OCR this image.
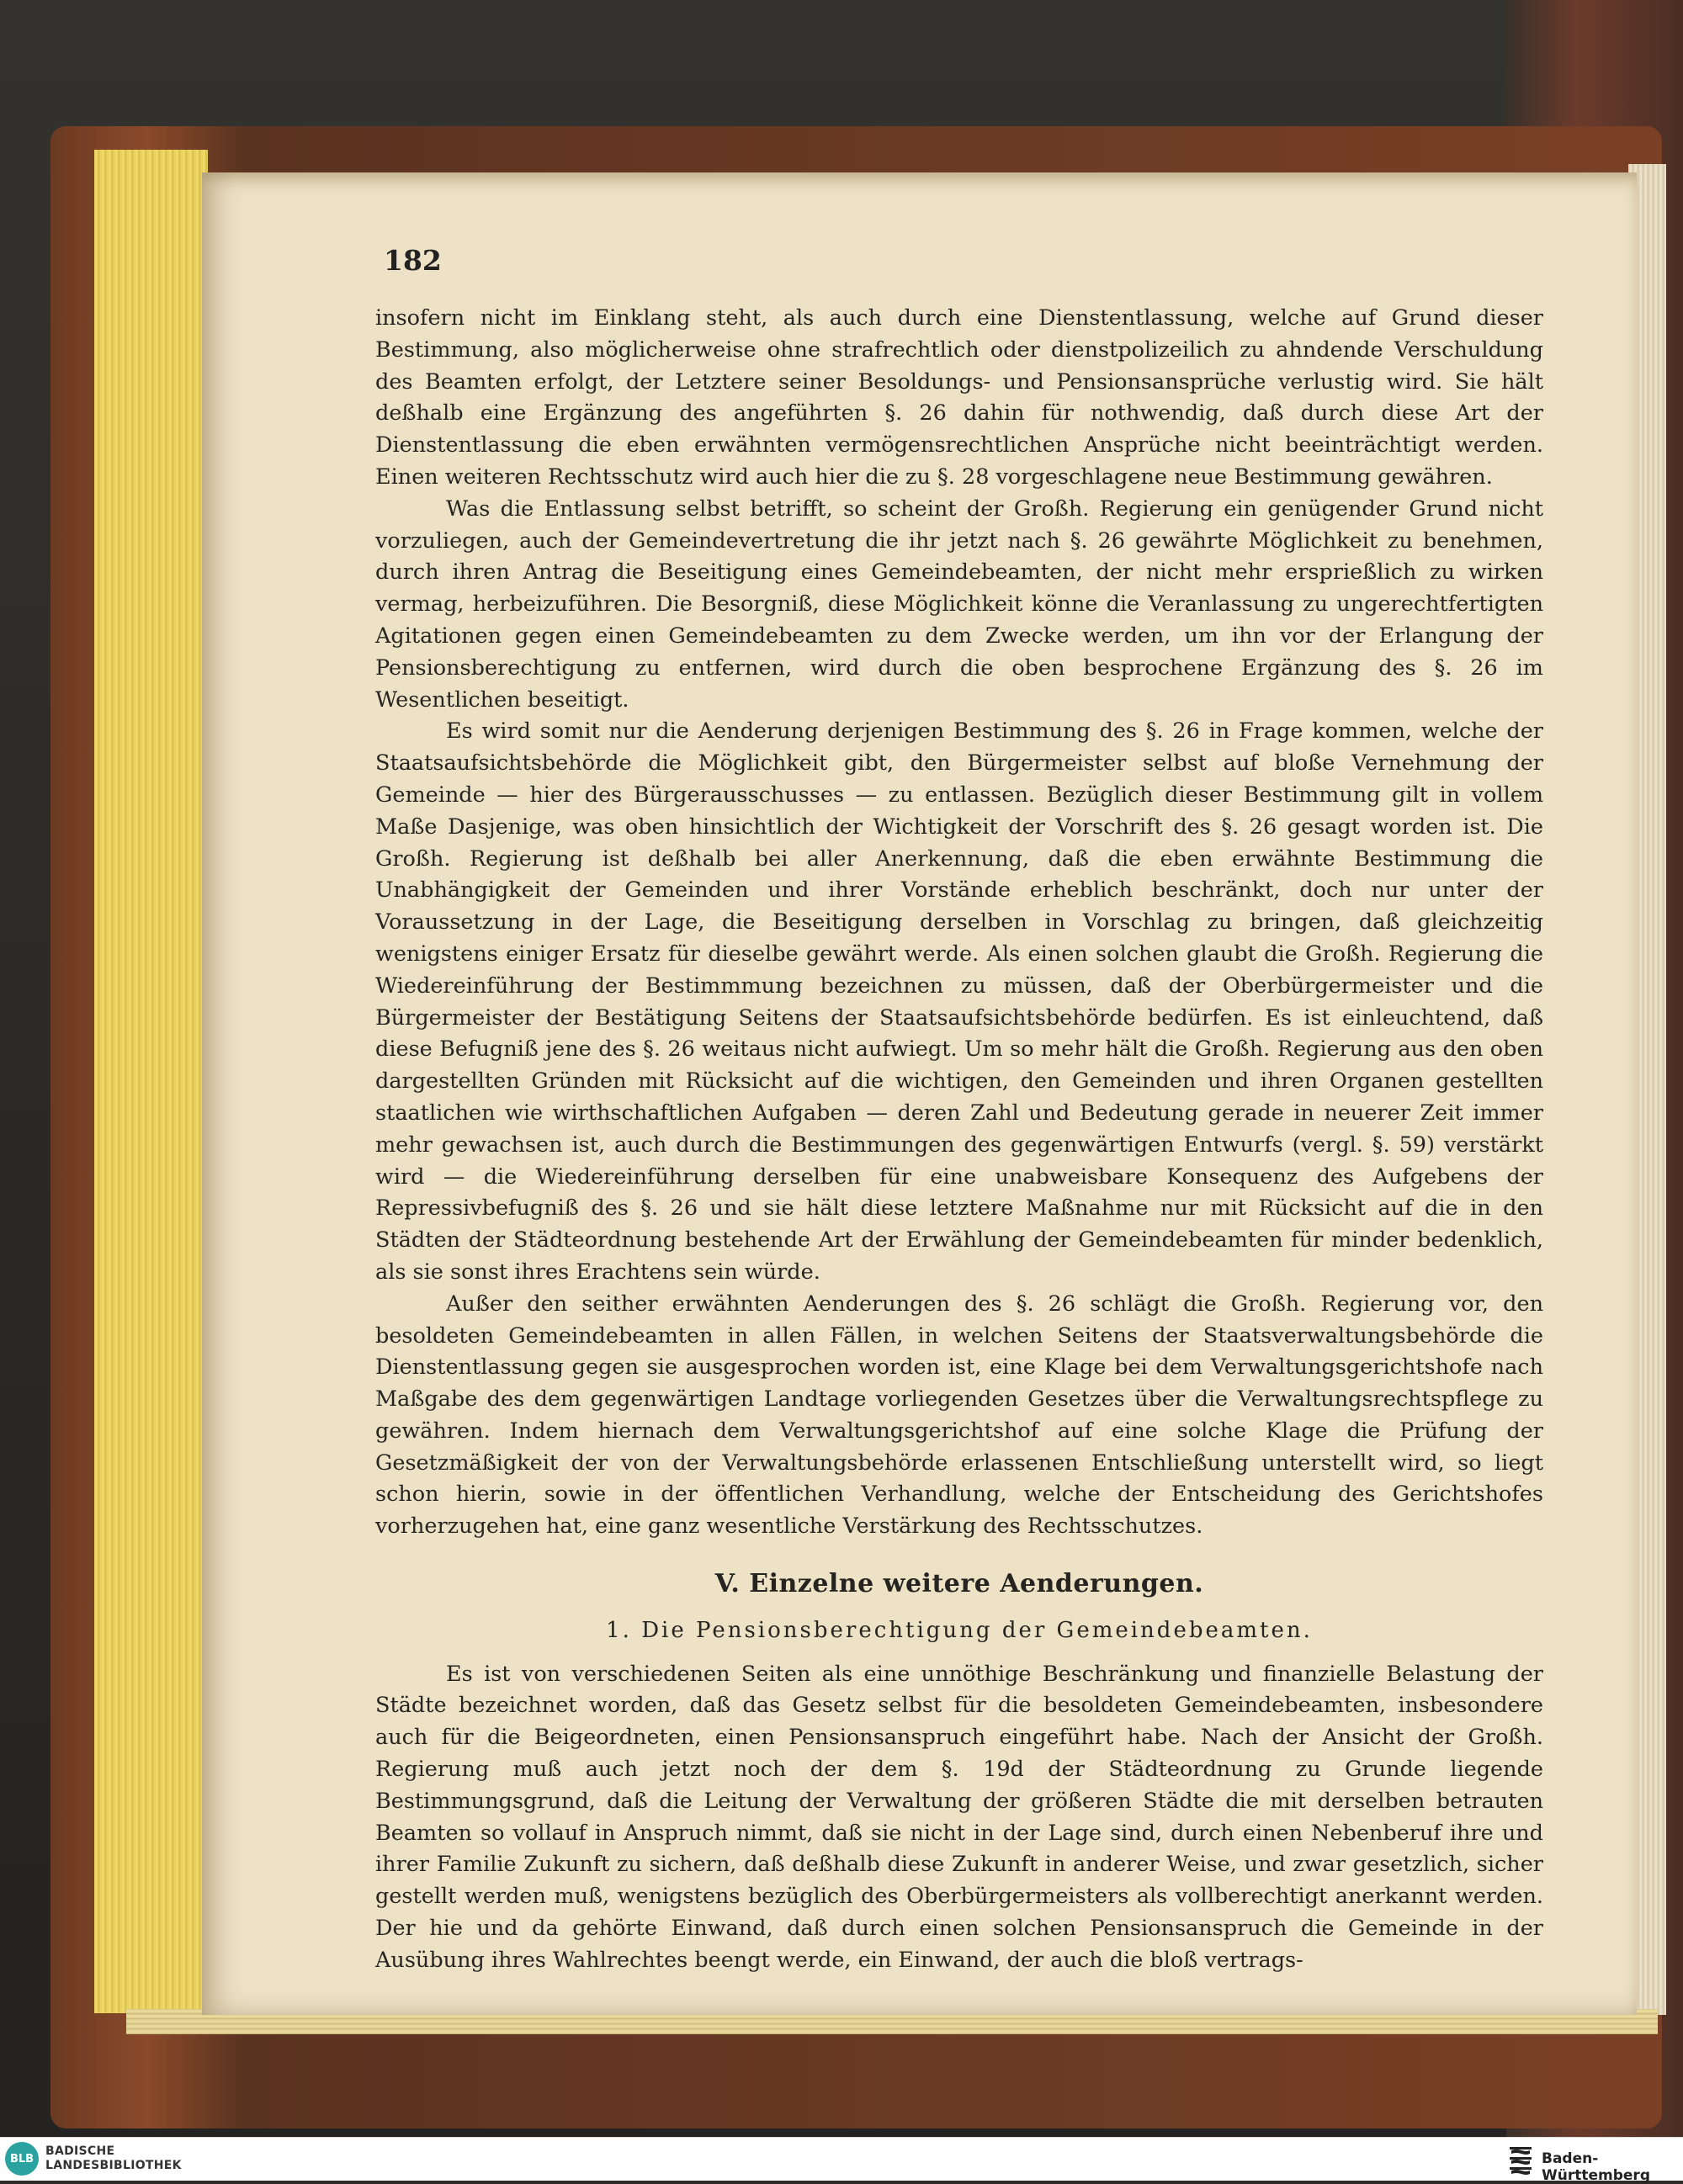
182

insofern nicht im Einklang steht, als auch durch eine Dienstentlassung, welche auf Grund dieser Bestimmung, also möglicherweise ohne strafrechtlich oder dienstpolizeilich zu ahndende Verschuldung des Beamten erfolgt, der Letztere seiner Besoldungs- und Pensionsansprüche verlustig wird. Sie hält deßhalb eine Ergänzung des angeführten §. 26 dahin für nothwendig, daß durch diese Art der Dienstentlassung die eben erwähnten vermögensrechtlichen Ansprüche nicht beeinträchtigt werden. Einen weiteren Rechtsschutz wird auch hier die zu §. 28 vorgeschlagene neue Bestimmung gewähren.

Was die Entlassung selbst betrifft, so scheint der Großh. Regierung ein genügender Grund nicht vorzuliegen, auch der Gemeindevertretung die ihr jetzt nach §. 26 gewährte Möglichkeit zu benehmen, durch ihren Antrag die Beseitigung eines Gemeindebeamten, der nicht mehr ersprießlich zu wirken vermag, herbeizuführen. Die Besorgniß, diese Möglichkeit könne die Veranlassung zu ungerechtfertigten Agitationen gegen einen Gemeindebeamten zu dem Zwecke werden, um ihn vor der Erlangung der Pensionsberechtigung zu entfernen, wird durch die oben besprochene Ergänzung des §. 26 im Wesentlichen beseitigt.

Es wird somit nur die Aenderung derjenigen Bestimmung des §. 26 in Frage kommen, welche der Staatsaufsichtsbehörde die Möglichkeit gibt, den Bürgermeister selbst auf bloße Vernehmung der Gemeinde — hier des Bürgerausschusses — zu entlassen. Bezüglich dieser Bestimmung gilt in vollem Maße Dasjenige, was oben hinsichtlich der Wichtigkeit der Vorschrift des §. 26 gesagt worden ist. Die Großh. Regierung ist deßhalb bei aller Anerkennung, daß die eben erwähnte Bestimmung die Unabhängigkeit der Gemeinden und ihrer Vorstände erheblich beschränkt, doch nur unter der Voraussetzung in der Lage, die Beseitigung derselben in Vorschlag zu bringen, daß gleichzeitig wenigstens einiger Ersatz für dieselbe gewährt werde. Als einen solchen glaubt die Großh. Regierung die Wiedereinführung der Bestimmmung bezeichnen zu müssen, daß der Oberbürgermeister und die Bürgermeister der Bestätigung Seitens der Staatsaufsichtsbehörde bedürfen. Es ist einleuchtend, daß diese Befugniß jene des §. 26 weitaus nicht aufwiegt. Um so mehr hält die Großh. Regierung aus den oben dargestellten Gründen mit Rücksicht auf die wichtigen, den Gemeinden und ihren Organen gestellten staatlichen wie wirthschaftlichen Aufgaben — deren Zahl und Bedeutung gerade in neuerer Zeit immer mehr gewachsen ist, auch durch die Bestimmungen des gegenwärtigen Entwurfs (vergl. §. 59) verstärkt wird — die Wiedereinführung derselben für eine unabweisbare Konsequenz des Aufgebens der Repressivbefugniß des §. 26 und sie hält diese letztere Maßnahme nur mit Rücksicht auf die in den Städten der Städteordnung bestehende Art der Erwählung der Gemeindebeamten für minder bedenklich, als sie sonst ihres Erachtens sein würde.

Außer den seither erwähnten Aenderungen des §. 26 schlägt die Großh. Regierung vor, den besoldeten Gemeindebeamten in allen Fällen, in welchen Seitens der Staatsverwaltungsbehörde die Dienstentlassung gegen sie ausgesprochen worden ist, eine Klage bei dem Verwaltungsgerichtshofe nach Maßgabe des dem gegenwärtigen Landtage vorliegenden Gesetzes über die Verwaltungsrechtspflege zu gewähren. Indem hiernach dem Verwaltungsgerichtshof auf eine solche Klage die Prüfung der Gesetzmäßigkeit der von der Verwaltungsbehörde erlassenen Entschließung unterstellt wird, so liegt schon hierin, sowie in der öffentlichen Verhandlung, welche der Entscheidung des Gerichtshofes vorherzugehen hat, eine ganz wesentliche Verstärkung des Rechtsschutzes.

V. Einzelne weitere Aenderungen.
1. Die Pensionsberechtigung der Gemeindebeamten.

Es ist von verschiedenen Seiten als eine unnöthige Beschränkung und finanzielle Belastung der Städte bezeichnet worden, daß das Gesetz selbst für die besoldeten Gemeindebeamten, insbesondere auch für die Beigeordneten, einen Pensionsanspruch eingeführt habe. Nach der Ansicht der Großh. Regierung muß auch jetzt noch der dem §. 19d der Städteordnung zu Grunde liegende Bestimmungsgrund, daß die Leitung der Verwaltung der größeren Städte die mit derselben betrauten Beamten so vollauf in Anspruch nimmt, daß sie nicht in der Lage sind, durch einen Nebenberuf ihre und ihrer Familie Zukunft zu sichern, daß deßhalb diese Zukunft in anderer Weise, und zwar gesetzlich, sicher gestellt werden muß, wenigstens bezüglich des Oberbürgermeisters als vollberechtigt anerkannt werden. Der hie und da gehörte Einwand, daß durch einen solchen Pensionsanspruch die Gemeinde in der Ausübung ihres Wahlrechtes beengt werde, ein Einwand, der auch die bloß vertrags-

BLB
BADISCHE
LANDESBIBLIOTHEK	Baden-Württemberg
